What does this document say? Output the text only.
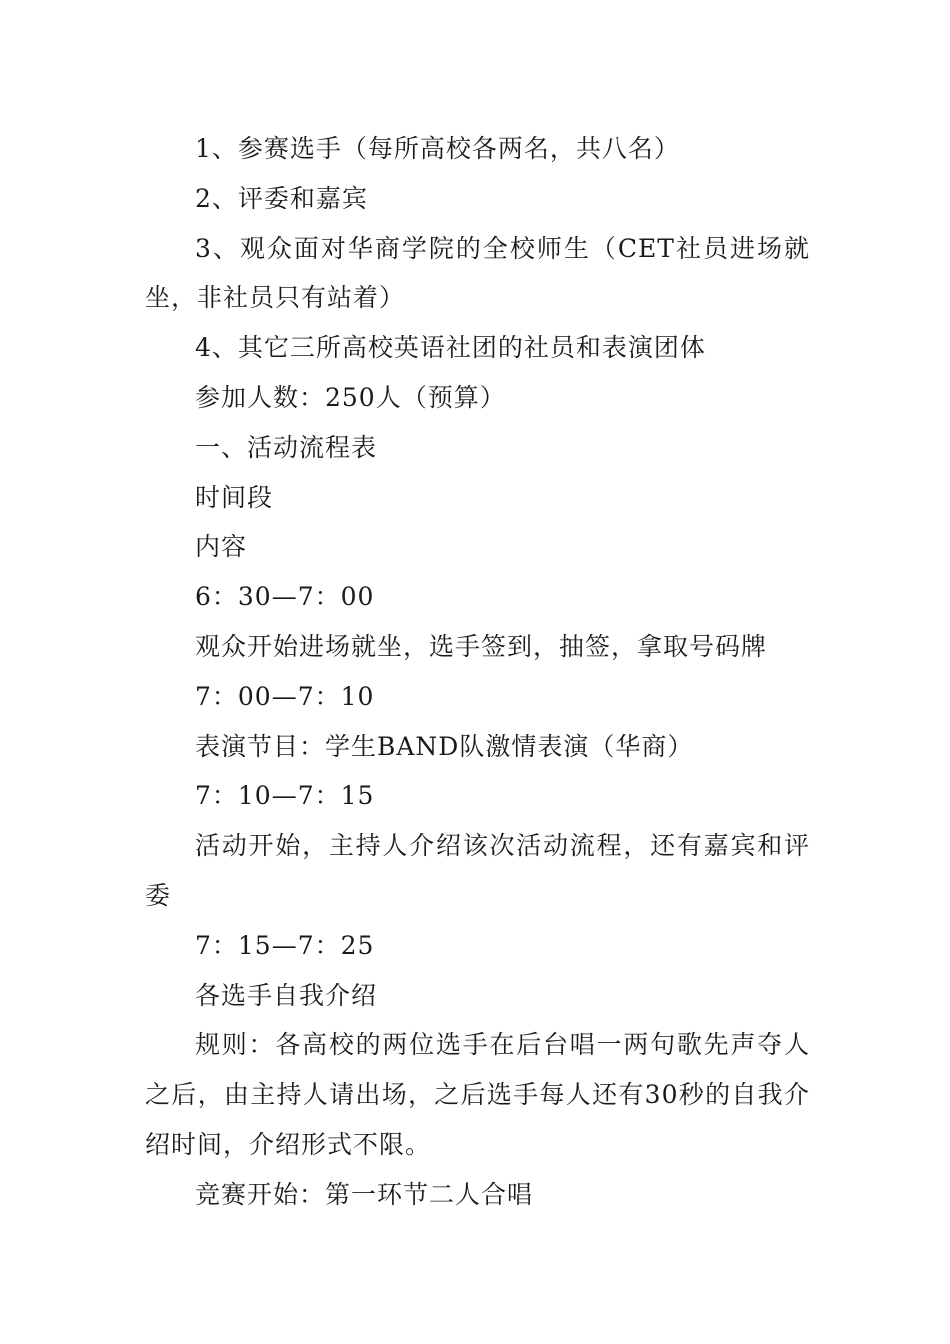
1、参赛选手（每所高校各两名，共八名）

2、评委和嘉宾

3、观众面对华商学院的全校师生（CET社员进场就坐，非社员只有站着）

4、其它三所高校英语社团的社员和表演团体

参加人数：250人（预算）

一、活动流程表

时间段

内容

6：30—7：00

观众开始进场就坐，选手签到，抽签，拿取号码牌

7：00—7：10

表演节目：学生BAND队激情表演（华商）

7：10—7：15

活动开始，主持人介绍该次活动流程，还有嘉宾和评委

7：15—7：25

各选手自我介绍

规则：各高校的两位选手在后台唱一两句歌先声夺人之后，由主持人请出场，之后选手每人还有30秒的自我介绍时间，介绍形式不限。

竞赛开始：第一环节二人合唱
